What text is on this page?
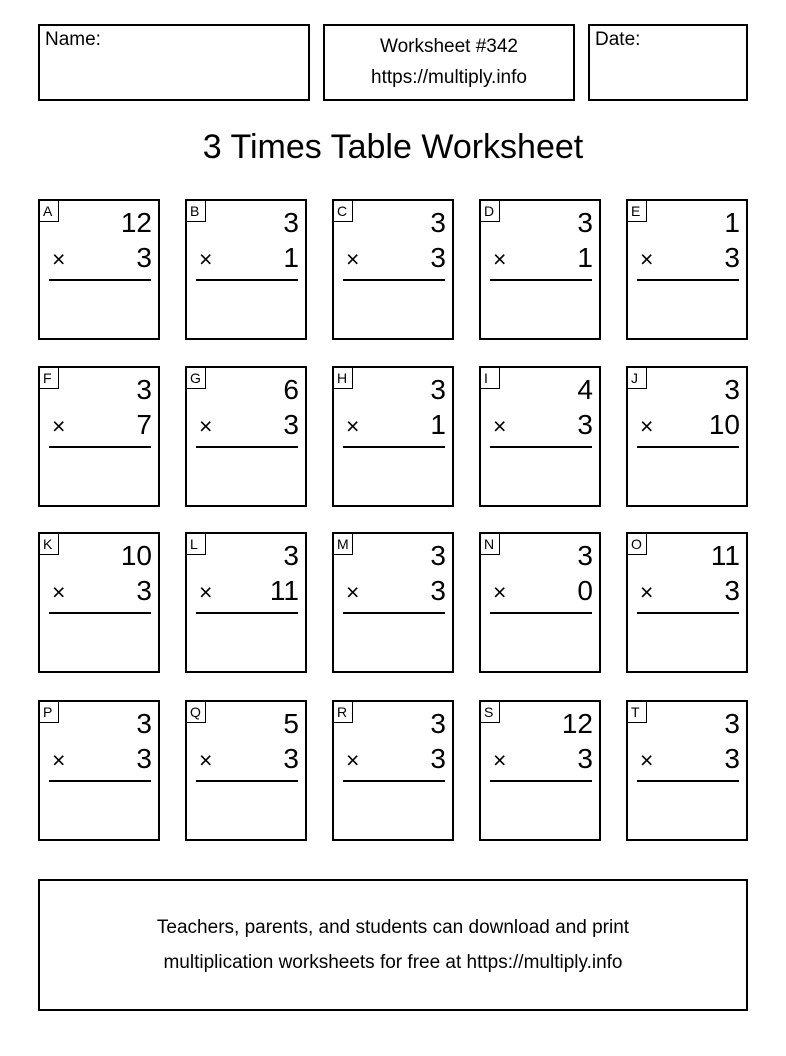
Name:	Worksheet #342
https://multiply.info
Date:
3 Times Table Worksheet
A 12
×	3
B	3
×	1
C	3
×	3
D	3
×	1
E	1
×	3
F	3
×	7
G	6
×	3
H	3
×	1
I	4
×	3
J	3
× 10
K 10
×	3
L	3
× 11
M	3
×	3
N	3
×	0
O 11
×	3
P	3
×	3
Q	5
×	3
R	3
×	3
S 12
×	3
T	3
×	3
Teachers, parents, and students can download and print
multiplication worksheets for free at https://multiply.info
